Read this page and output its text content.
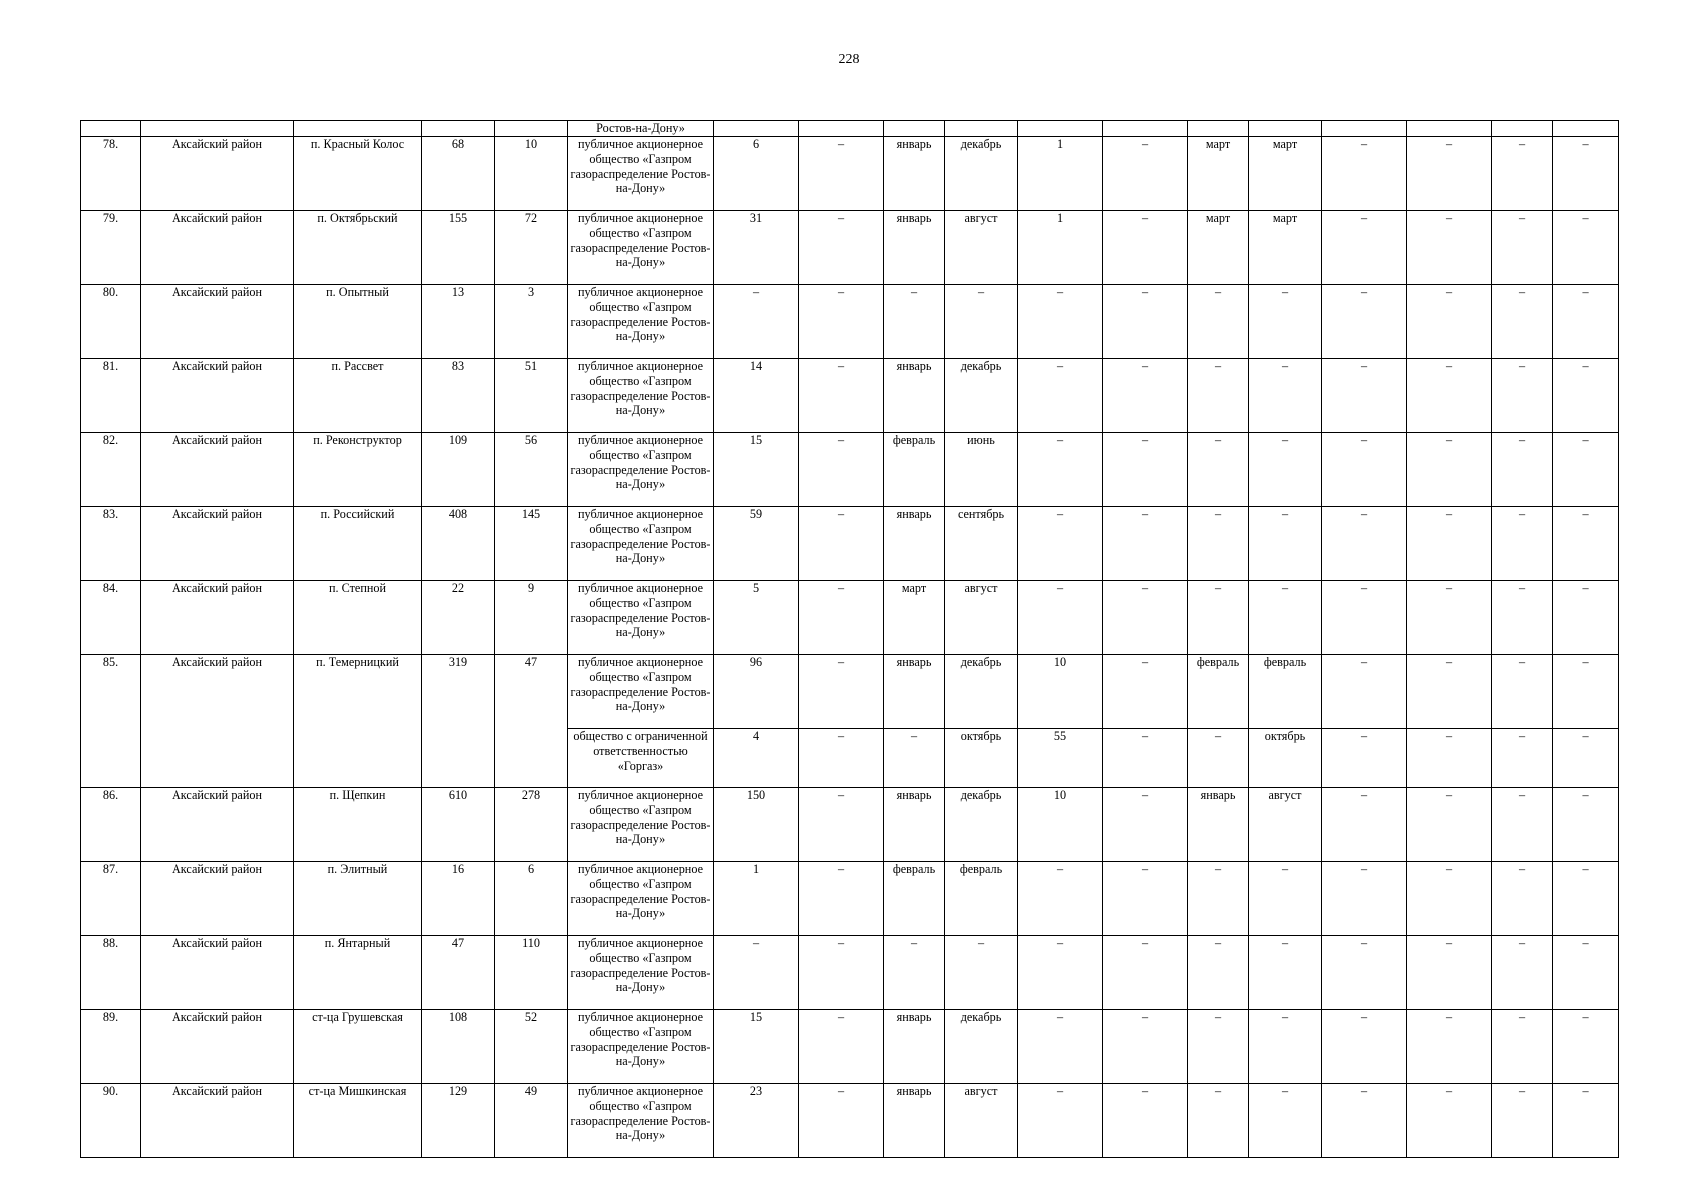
228
					Ростов-на-Дону»												
78.	Аксайский район	п. Красный Колос	68	10	публичное акционерное общество «Газпром газораспределение Ростов-на-Дону»	6	–	январь	декабрь	1	–	март	март	–	–	–	–
79.	Аксайский район	п. Октябрьский	155	72	публичное акционерное общество «Газпром газораспределение Ростов-на-Дону»	31	–	январь	август	1	–	март	март	–	–	–	–
80.	Аксайский район	п. Опытный	13	3	публичное акционерное общество «Газпром газораспределение Ростов-на-Дону»	–	–	–	–	–	–	–	–	–	–	–	–
81.	Аксайский район	п. Рассвет	83	51	публичное акционерное общество «Газпром газораспределение Ростов-на-Дону»	14	–	январь	декабрь	–	–	–	–	–	–	–	–
82.	Аксайский район	п. Реконструктор	109	56	публичное акционерное общество «Газпром газораспределение Ростов-на-Дону»	15	–	февраль	июнь	–	–	–	–	–	–	–	–
83.	Аксайский район	п. Российский	408	145	публичное акционерное общество «Газпром газораспределение Ростов-на-Дону»	59	–	январь	сентябрь	–	–	–	–	–	–	–	–
84.	Аксайский район	п. Степной	22	9	публичное акционерное общество «Газпром газораспределение Ростов-на-Дону»	5	–	март	август	–	–	–	–	–	–	–	–
85.	Аксайский район	п. Темерницкий	319	47	публичное акционерное общество «Газпром газораспределение Ростов-на-Дону»	96	–	январь	декабрь	10	–	февраль	февраль	–	–	–	–
					общество с ограниченной ответственностью «Горгаз»	4	–	–	октябрь	55	–	–	октябрь	–	–	–	–
86.	Аксайский район	п. Щепкин	610	278	публичное акционерное общество «Газпром газораспределение Ростов-на-Дону»	150	–	январь	декабрь	10	–	январь	август	–	–	–	–
87.	Аксайский район	п. Элитный	16	6	публичное акционерное общество «Газпром газораспределение Ростов-на-Дону»	1	–	февраль	февраль	–	–	–	–	–	–	–	–
88.	Аксайский район	п. Янтарный	47	110	публичное акционерное общество «Газпром газораспределение Ростов-на-Дону»	–	–	–	–	–	–	–	–	–	–	–	–
89.	Аксайский район	ст-ца Грушевская	108	52	публичное акционерное общество «Газпром газораспределение Ростов-на-Дону»	15	–	январь	декабрь	–	–	–	–	–	–	–	–
90.	Аксайский район	ст-ца Мишкинская	129	49	публичное акционерное общество «Газпром газораспределение Ростов-на-Дону»	23	–	январь	август	–	–	–	–	–	–	–	–
